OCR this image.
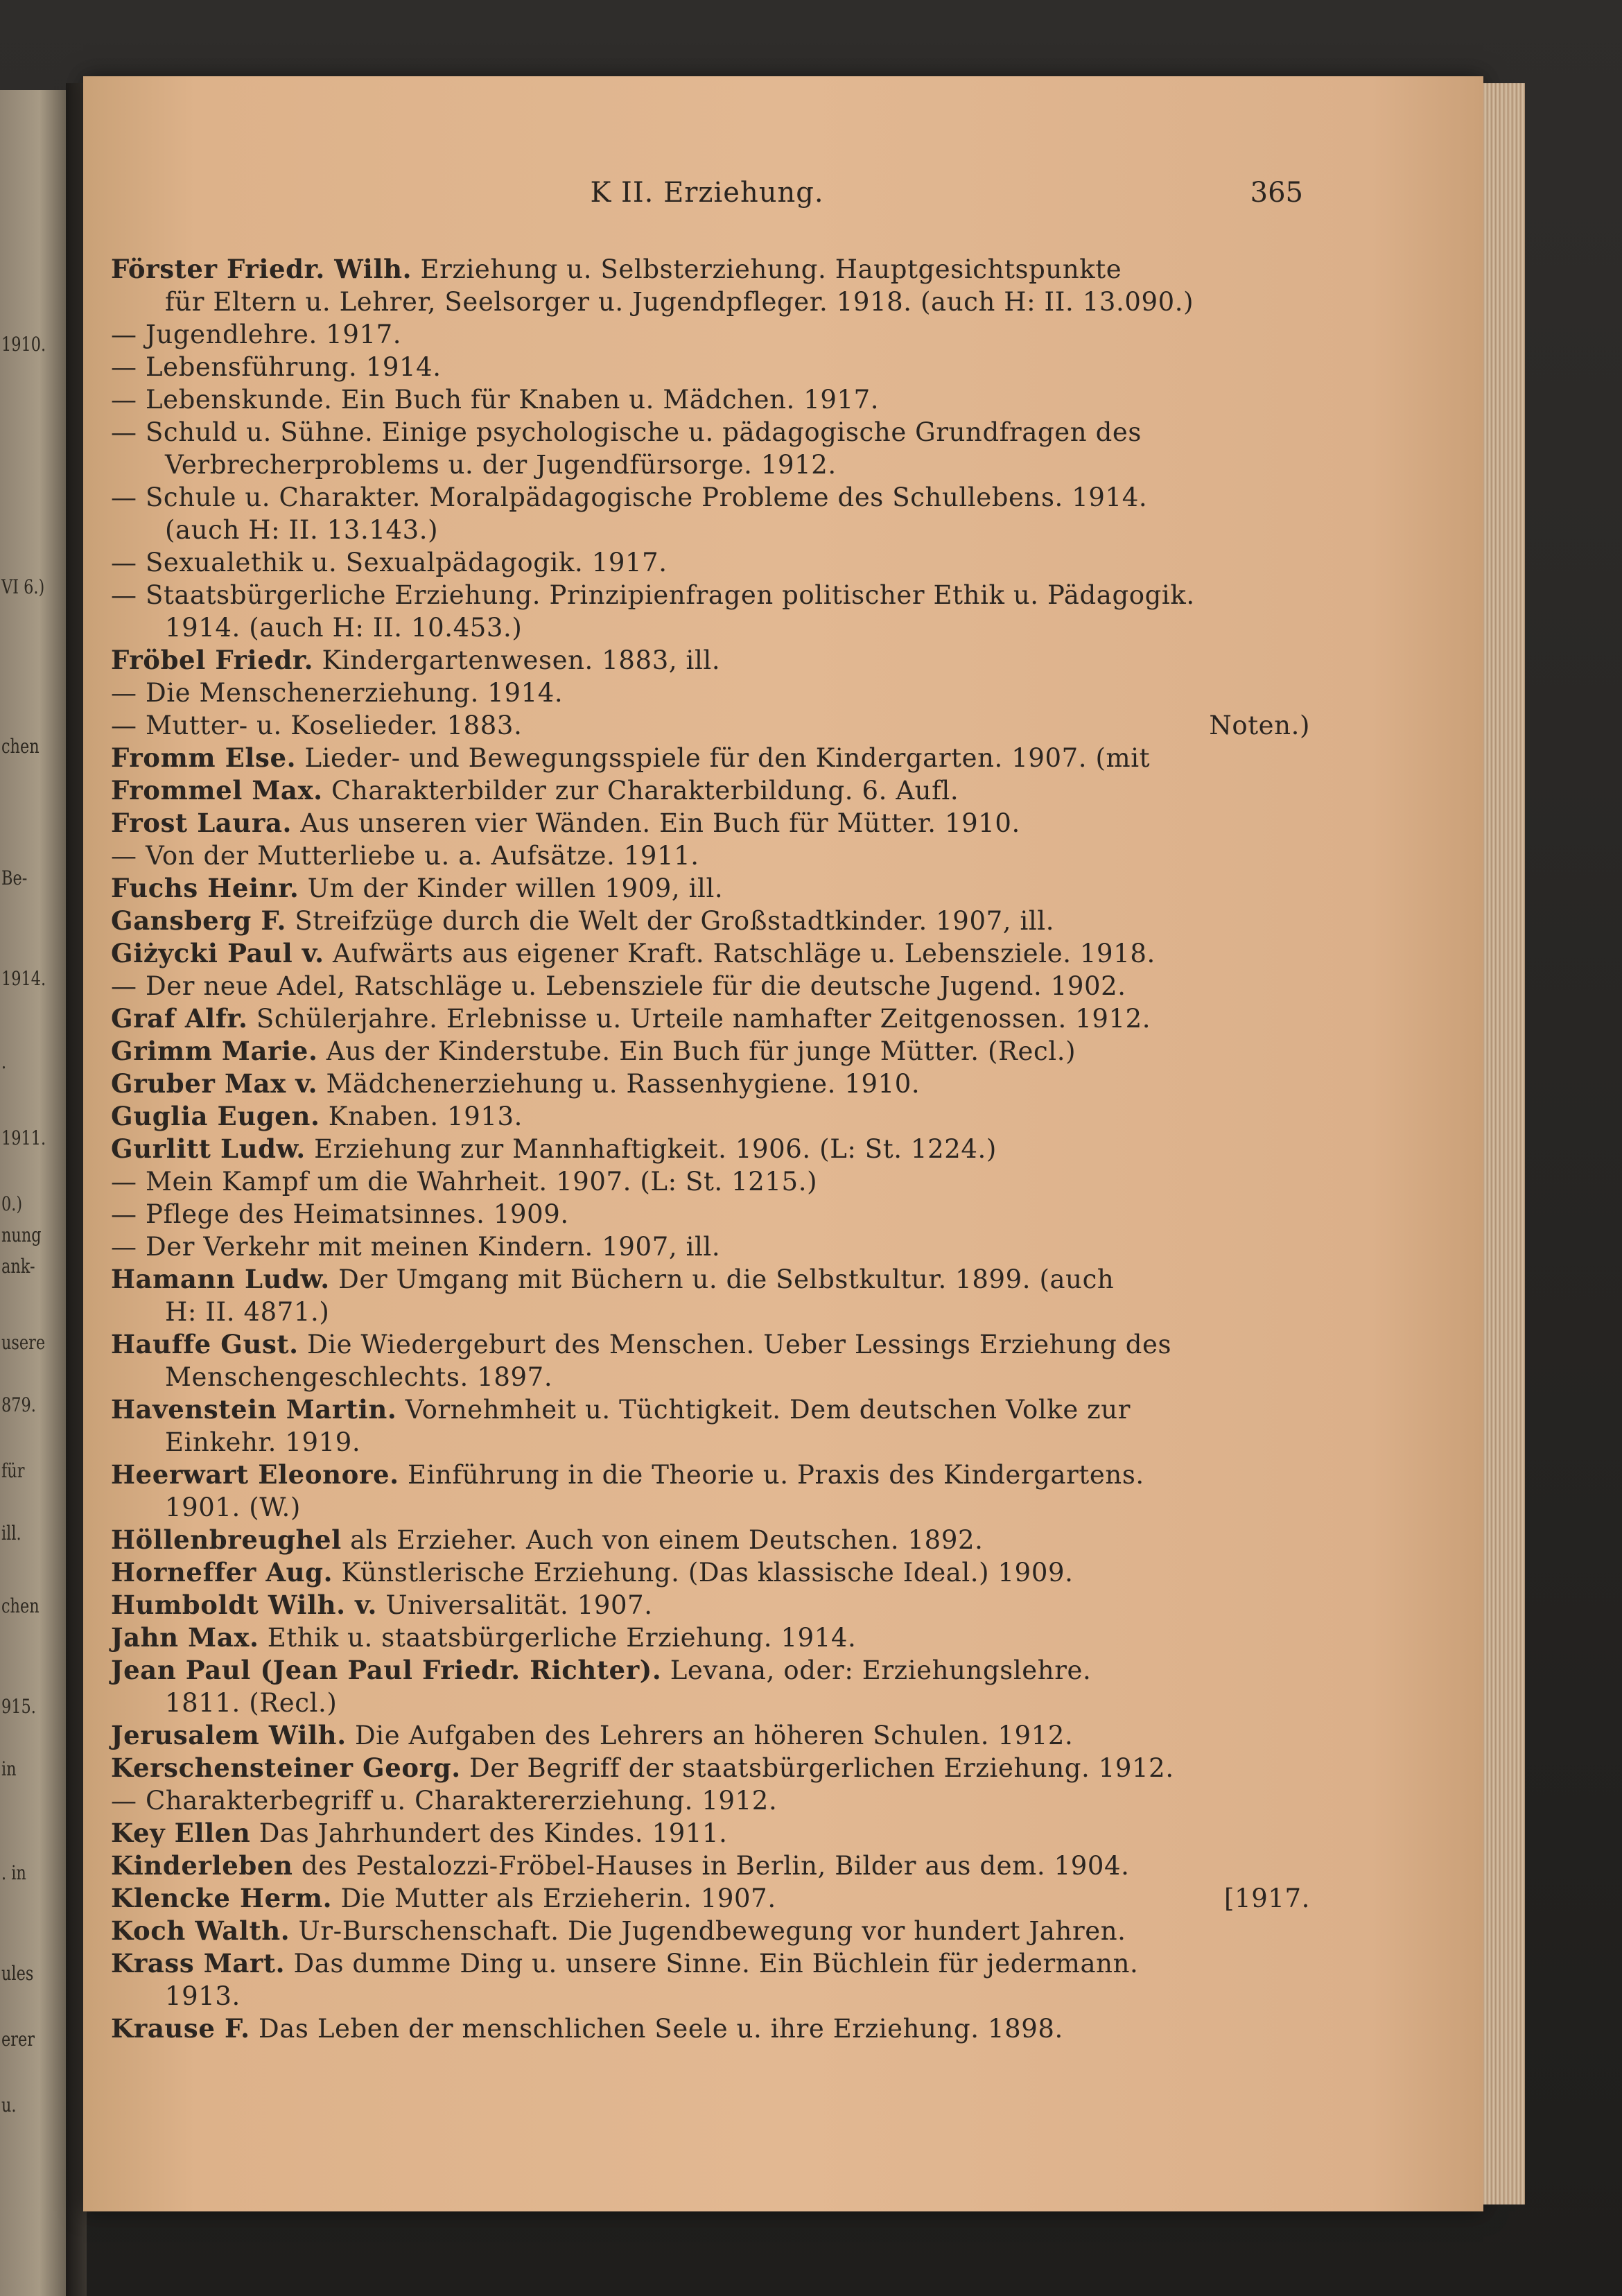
1910.
VI 6.)
chen
Be-
1914.
.
1911.
0.)
nung
ank-
usere
879.
für
ill.
chen
915.
in
. in
ules
erer
u.
K II. Erziehung.	365
Förster Friedr. Wilh. Erziehung u. Selbsterziehung. Hauptgesichtspunkte
für Eltern u. Lehrer, Seelsorger u. Jugendpfleger. 1918. (auch H: II. 13.090.)
— Jugendlehre. 1917.
— Lebensführung. 1914.
— Lebenskunde. Ein Buch für Knaben u. Mädchen. 1917.
— Schuld u. Sühne. Einige psychologische u. pädagogische Grundfragen des
Verbrecherproblems u. der Jugendfürsorge. 1912.
— Schule u. Charakter. Moralpädagogische Probleme des Schullebens. 1914.
(auch H: II. 13.143.)
— Sexualethik u. Sexualpädagogik. 1917.
— Staatsbürgerliche Erziehung. Prinzipienfragen politischer Ethik u. Pädagogik.
1914. (auch H: II. 10.453.)
Fröbel Friedr. Kindergartenwesen. 1883, ill.
— Die Menschenerziehung. 1914.
— Mutter- u. Koselieder. 1883.	Noten.)
Fromm Else. Lieder- und Bewegungsspiele für den Kindergarten. 1907. (mit
Frommel Max. Charakterbilder zur Charakterbildung. 6. Aufl.
Frost Laura. Aus unseren vier Wänden. Ein Buch für Mütter. 1910.
— Von der Mutterliebe u. a. Aufsätze. 1911.
Fuchs Heinr. Um der Kinder willen 1909, ill.
Gansberg F. Streifzüge durch die Welt der Großstadtkinder. 1907, ill.
Giżycki Paul v. Aufwärts aus eigener Kraft. Ratschläge u. Lebensziele. 1918.
— Der neue Adel, Ratschläge u. Lebensziele für die deutsche Jugend. 1902.
Graf Alfr. Schülerjahre. Erlebnisse u. Urteile namhafter Zeitgenossen. 1912.
Grimm Marie. Aus der Kinderstube. Ein Buch für junge Mütter. (Recl.)
Gruber Max v. Mädchenerziehung u. Rassenhygiene. 1910.
Guglia Eugen. Knaben. 1913.
Gurlitt Ludw. Erziehung zur Mannhaftigkeit. 1906. (L: St. 1224.)
— Mein Kampf um die Wahrheit. 1907. (L: St. 1215.)
— Pflege des Heimatsinnes. 1909.
— Der Verkehr mit meinen Kindern. 1907, ill.
Hamann Ludw. Der Umgang mit Büchern u. die Selbstkultur. 1899. (auch
H: II. 4871.)
Hauffe Gust. Die Wiedergeburt des Menschen. Ueber Lessings Erziehung des
Menschengeschlechts. 1897.
Havenstein Martin. Vornehmheit u. Tüchtigkeit. Dem deutschen Volke zur
Einkehr. 1919.
Heerwart Eleonore. Einführung in die Theorie u. Praxis des Kindergartens.
1901. (W.)
Höllenbreughel als Erzieher. Auch von einem Deutschen. 1892.
Horneffer Aug. Künstlerische Erziehung. (Das klassische Ideal.) 1909.
Humboldt Wilh. v. Universalität. 1907.
Jahn Max. Ethik u. staatsbürgerliche Erziehung. 1914.
Jean Paul (Jean Paul Friedr. Richter). Levana, oder: Erziehungslehre.
1811. (Recl.)
Jerusalem Wilh. Die Aufgaben des Lehrers an höheren Schulen. 1912.
Kerschensteiner Georg. Der Begriff der staatsbürgerlichen Erziehung. 1912.
— Charakterbegriff u. Charaktererziehung. 1912.
Key Ellen Das Jahrhundert des Kindes. 1911.
Kinderleben des Pestalozzi-Fröbel-Hauses in Berlin, Bilder aus dem. 1904.
Klencke Herm. Die Mutter als Erzieherin. 1907.	[1917.
Koch Walth. Ur-Burschenschaft. Die Jugendbewegung vor hundert Jahren.
Krass Mart. Das dumme Ding u. unsere Sinne. Ein Büchlein für jedermann.
1913.
Krause F. Das Leben der menschlichen Seele u. ihre Erziehung. 1898.
